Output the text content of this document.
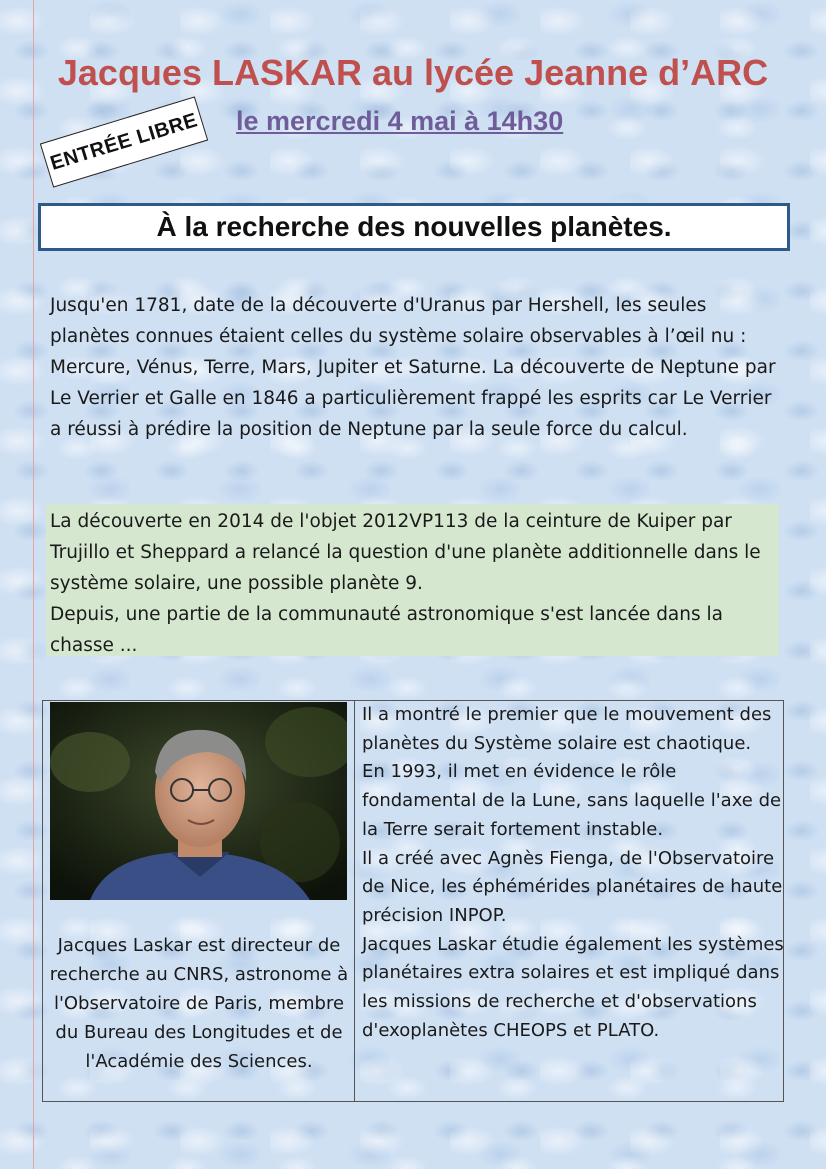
Jacques LASKAR au lycée Jeanne d’ARC
le mercredi 4 mai à 14h30
ENTRÉE LIBRE
À la recherche des nouvelles planètes.

Jusqu'en 1781, date de la découverte d'Uranus par Hershell, les seules planètes connues étaient celles du système solaire observables à l’œil nu : Mercure, Vénus, Terre, Mars, Jupiter et Saturne. La découverte de Neptune par Le Verrier et Galle en 1846 a particulièrement frappé les esprits car Le Verrier a réussi à prédire la position de Neptune par la seule force du calcul.

La découverte en 2014 de l'objet 2012VP113 de la ceinture de Kuiper par Trujillo et Sheppard a relancé la question d'une planète additionnelle dans le système solaire, une possible planète 9.
Depuis, une partie de la communauté astronomique s'est lancée dans la chasse ...

Jacques Laskar est directeur de recherche au CNRS, astronome à l'Observatoire de Paris, membre du Bureau des Longitudes et de l'Académie des Sciences.

Il a montré le premier que le mouvement des planètes du Système solaire est chaotique.
En 1993, il met en évidence le rôle fondamental de la Lune, sans laquelle l'axe de la Terre serait fortement instable.
Il a créé avec Agnès Fienga, de l'Observatoire de Nice, les éphémérides planétaires de haute précision INPOP.
Jacques Laskar étudie également les systèmes planétaires extra solaires et est impliqué dans les missions de recherche et d'observations d'exoplanètes CHEOPS et PLATO.
